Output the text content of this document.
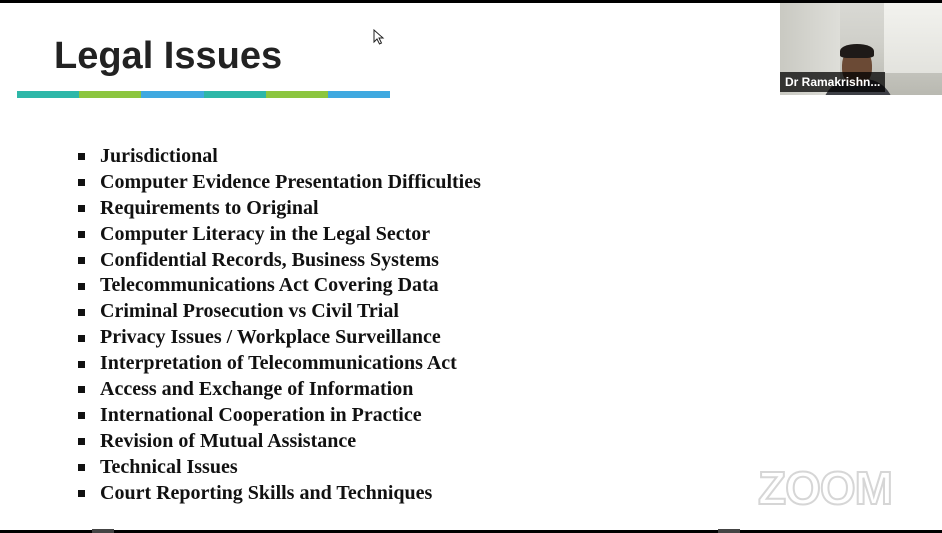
Legal Issues
Jurisdictional
Computer Evidence Presentation Difficulties
Requirements to Original
Computer Literacy in the Legal Sector
Confidential Records, Business Systems
Telecommunications Act Covering Data
Criminal Prosecution vs Civil Trial
Privacy Issues / Workplace Surveillance
Interpretation of Telecommunications Act
Access and Exchange of Information
International Cooperation in Practice
Revision of Mutual Assistance
Technical Issues
Court Reporting Skills and Techniques	ZOOM
Dr Ramakrishn...
